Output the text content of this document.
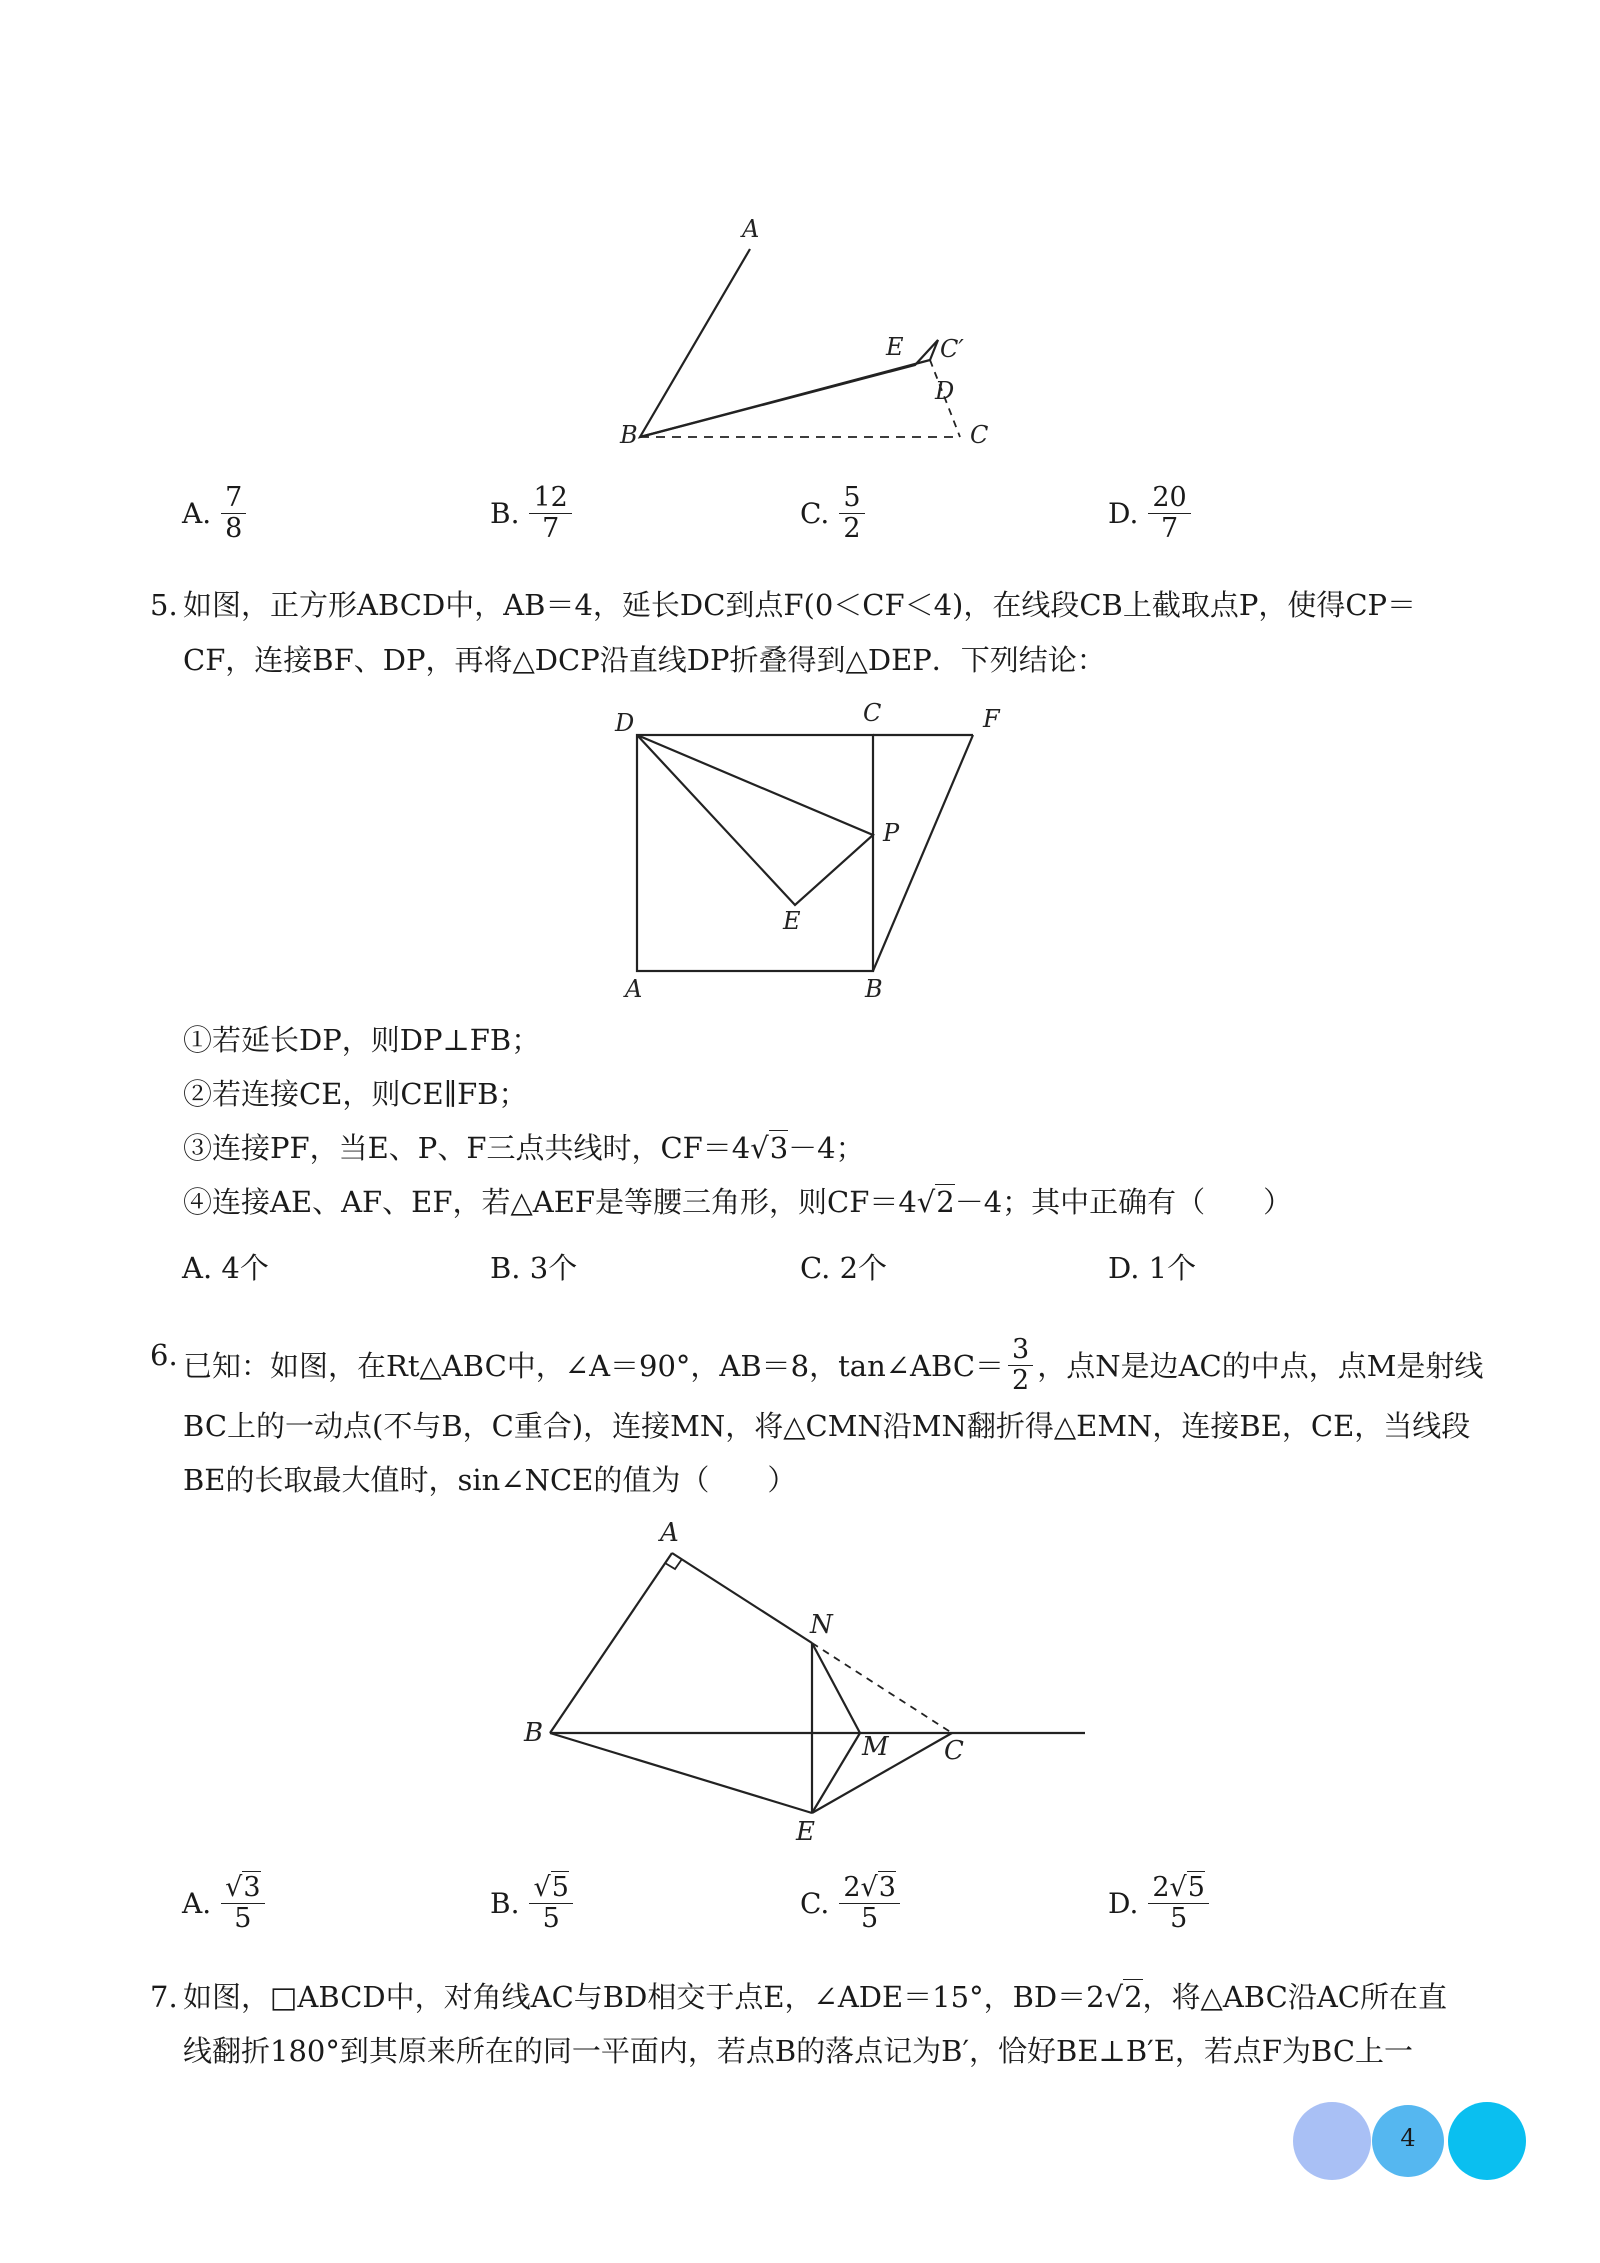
A
B	C
C′
D
E
A. $\frac{7}{8}$	B. $\frac{12}{7}$	C. $\frac{5}{2}$	D. $\frac{20}{7}$
5. 如图，正方形ABCD中，AB＝4，延长DC到点F(0＜CF＜4)，在线段CB上截取点P，使得CP＝
CF，连接BF、DP，再将△DCP沿直线DP折叠得到△DEP．下列结论：
D	C	F
P
E
A	B
①若延长DP，则DP⊥FB；
②若连接CE，则CE∥FB；
③连接PF，当E、P、F三点共线时，CF＝4√3－4；
④连接AE、AF、EF，若△AEF是等腰三角形，则CF＝4√2－4；其中正确有（　　）
A. 4个	B. 3个	C. 2个	D. 1个
6. 已知：如图，在Rt△ABC中，∠A＝90°，AB＝8，tan∠ABC＝ $\frac{3}{2}$ ，点N是边AC的中点，点M是射线
BC上的一动点(不与B，C重合)，连接MN，将△CMN沿MN翻折得△EMN，连接BE，CE，当线段
BE的长取最大值时，sin∠NCE的值为（　　）
A
N
B	M C
E
A. $\frac{√3}{5}$	B. $\frac{√5}{5}$	C. $\frac{2√3}{5}$	D. $\frac{2√5}{5}$
7. 如图，□ABCD中，对角线AC与BD相交于点E，∠ADE＝15°，BD＝2√2，将△ABC沿AC所在直
线翻折180°到其原来所在的同一平面内，若点B的落点记为B′，恰好BE⊥B′E，若点F为BC上一
4
